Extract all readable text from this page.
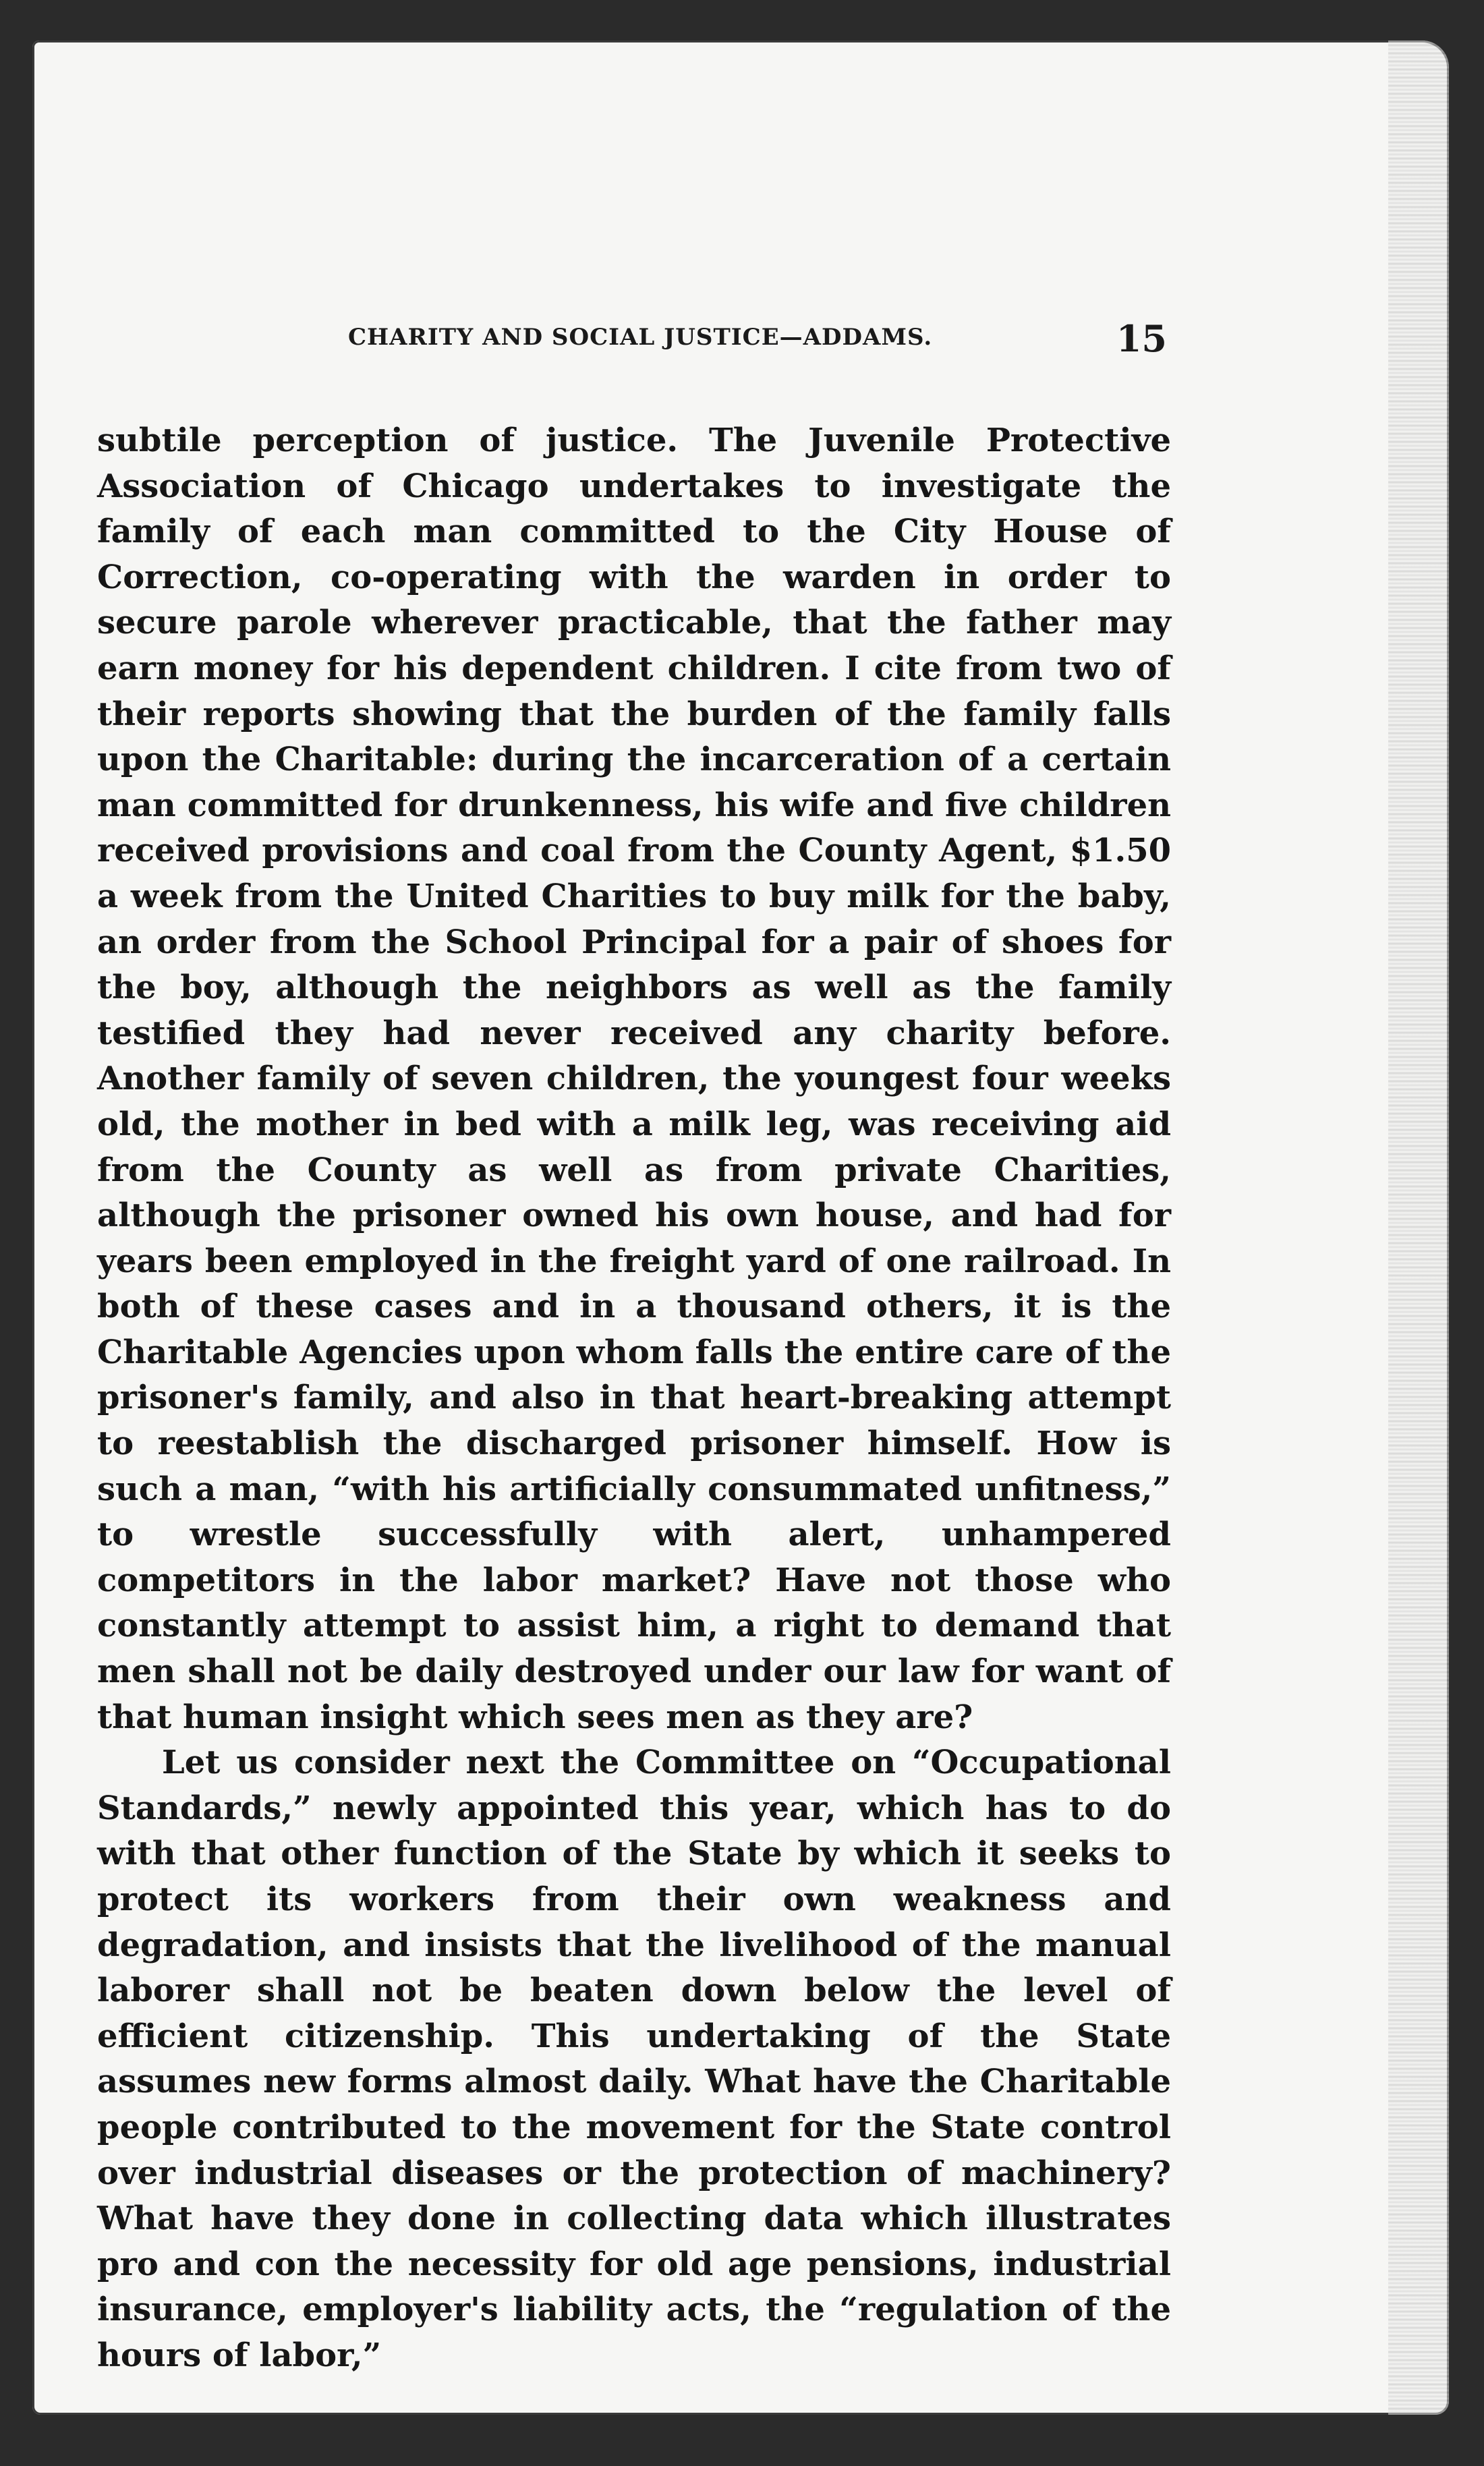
CHARITY AND SOCIAL JUSTICE—ADDAMS.	15

subtile perception of justice. The Juvenile Protective Association of Chicago undertakes to investigate the family of each man committed to the City House of Correction, co-operating with the warden in order to secure parole wherever practicable, that the father may earn money for his dependent children. I cite from two of their reports showing that the burden of the family falls upon the Charitable: during the incarceration of a certain man committed for drunkenness, his wife and five children received provisions and coal from the County Agent, $1.50 a week from the United Charities to buy milk for the baby, an order from the School Principal for a pair of shoes for the boy, although the neighbors as well as the family testified they had never received any charity before. Another family of seven children, the youngest four weeks old, the mother in bed with a milk leg, was receiving aid from the County as well as from private Charities, although the prisoner owned his own house, and had for years been employed in the freight yard of one railroad. In both of these cases and in a thousand others, it is the Charitable Agencies upon whom falls the entire care of the prisoner's family, and also in that heart-breaking attempt to reestablish the discharged prisoner himself. How is such a man, “with his artificially consummated unfitness,” to wrestle successfully with alert, unhampered competitors in the labor market? Have not those who constantly attempt to assist him, a right to demand that men shall not be daily destroyed under our law for want of that human insight which sees men as they are?

Let us consider next the Committee on “Occupational Standards,” newly appointed this year, which has to do with that other function of the State by which it seeks to protect its workers from their own weakness and degradation, and insists that the livelihood of the manual laborer shall not be beaten down below the level of efficient citizenship. This undertaking of the State assumes new forms almost daily. What have the Charitable people contributed to the movement for the State control over industrial diseases or the protection of machinery? What have they done in collecting data which illustrates pro and con the necessity for old age pensions, industrial insurance, employer's liability acts, the “regulation of the hours of labor,”
